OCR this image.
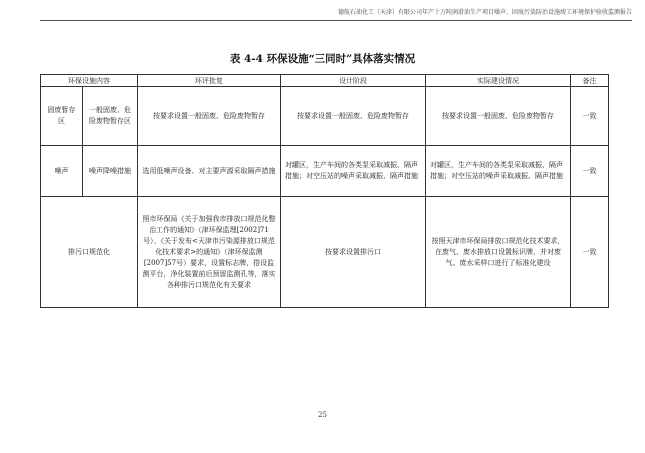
德航石油化工（天津）有限公司年产十万吨润滑油生产项目噪声、固废污染防治设施竣工环境保护验收监测报告
表 4-4 环保设施“三同时”具体落实情况
环保设施内容		环评批复	设计阶段	实际建设情况	备注
固废暂存区	一般固废、危险废物暂存区	按要求设置一般固废、危险废物暂存	按要求设置一般固废、危险废物暂存	按要求设置一般固废、危险废物暂存	一致
噪声	噪声降噪措施	选用低噪声设备、对主要声源采取隔声措施	对罐区，生产车间的各类泵采取减振、隔声措施；对空压站的噪声采取减振、隔声措施	对罐区，生产车间的各类泵采取减振、隔声措施；对空压站的噪声采取减振、隔声措施	一致
排污口规范化		照市环保局《关于加强我市排放口规范化整治工作的通知》（津环保监理[2002]71号）、《关于发布<天津市污染源排放口规范化技术要求>的通知》（津环保监测[2007]57号）要求，设置标志牌，搭设监测平台，净化装置前后预留监测孔等，落实各种排污口规范化有关要求	按要求设置排污口	按照天津市环保局排放口规范化技术要求，在废气、废水排放口设置标识牌，并对废气、废水采样口进行了标准化建设	一致
25
